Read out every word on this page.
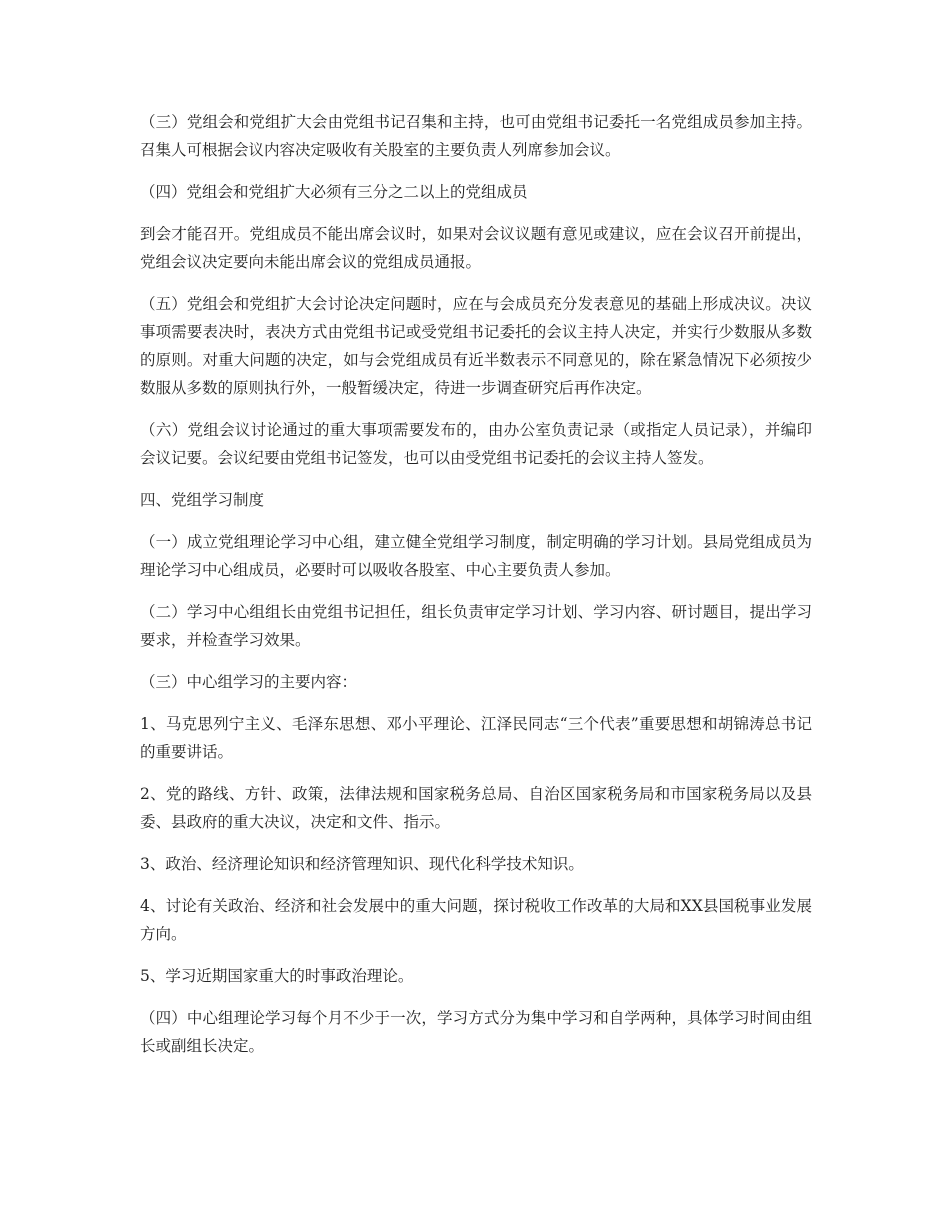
（三）党组会和党组扩大会由党组书记召集和主持，也可由党组书记委托一名党组成员参加主持。召集人可根据会议内容决定吸收有关股室的主要负责人列席参加会议。

（四）党组会和党组扩大必须有三分之二以上的党组成员

到会才能召开。党组成员不能出席会议时，如果对会议议题有意见或建议，应在会议召开前提出，党组会议决定要向未能出席会议的党组成员通报。

（五）党组会和党组扩大会讨论决定问题时，应在与会成员充分发表意见的基础上形成决议。决议事项需要表决时，表决方式由党组书记或受党组书记委托的会议主持人决定，并实行少数服从多数的原则。对重大问题的决定，如与会党组成员有近半数表示不同意见的，除在紧急情况下必须按少数服从多数的原则执行外，一般暂缓决定，待进一步调查研究后再作决定。

（六）党组会议讨论通过的重大事项需要发布的，由办公室负责记录（或指定人员记录），并编印会议记要。会议纪要由党组书记签发，也可以由受党组书记委托的会议主持人签发。

四、党组学习制度

（一）成立党组理论学习中心组，建立健全党组学习制度，制定明确的学习计划。县局党组成员为理论学习中心组成员，必要时可以吸收各股室、中心主要负责人参加。

（二）学习中心组组长由党组书记担任，组长负责审定学习计划、学习内容、研讨题目，提出学习要求，并检查学习效果。

（三）中心组学习的主要内容：

1、马克思列宁主义、毛泽东思想、邓小平理论、江泽民同志“三个代表”重要思想和胡锦涛总书记的重要讲话。

2、党的路线、方针、政策，法律法规和国家税务总局、自治区国家税务局和市国家税务局以及县委、县政府的重大决议，决定和文件、指示。

3、政治、经济理论知识和经济管理知识、现代化科学技术知识。

4、讨论有关政治、经济和社会发展中的重大问题，探讨税收工作改革的大局和XX县国税事业发展方向。

5、学习近期国家重大的时事政治理论。

（四）中心组理论学习每个月不少于一次，学习方式分为集中学习和自学两种，具体学习时间由组长或副组长决定。
